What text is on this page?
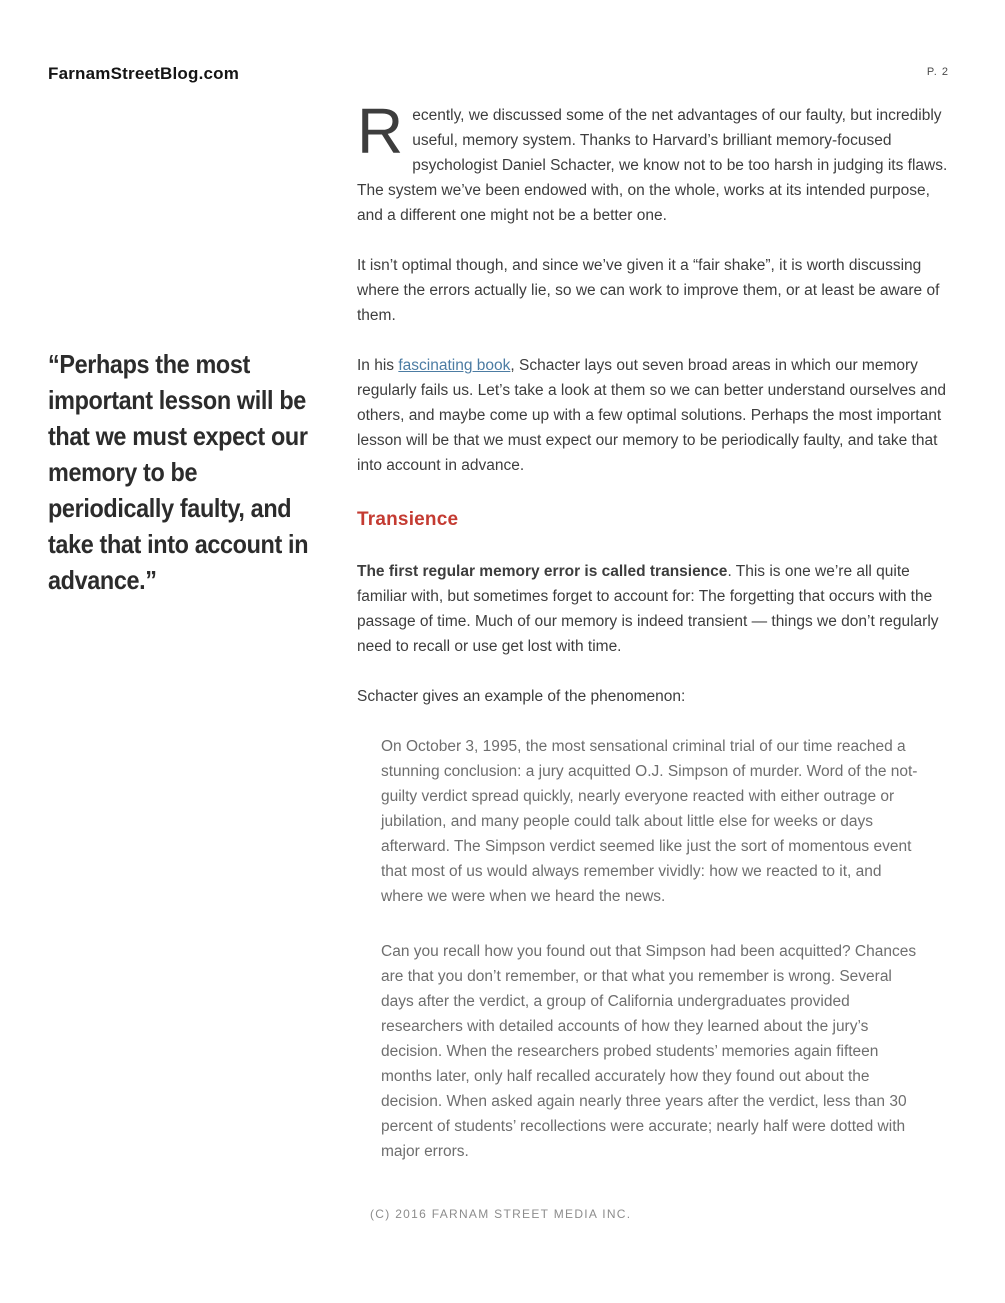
FarnamStreetBlog.com	P. 2
“Perhaps the most important lesson will be that we must expect our memory to be periodically faulty, and take that into account in advance.”

Recently, we discussed some of the net advantages of our faulty, but incredibly useful, memory system. Thanks to Harvard’s brilliant memory-focused psychologist Daniel Schacter, we know not to be too harsh in judging its flaws. The system we’ve been endowed with, on the whole, works at its intended purpose, and a different one might not be a better one.

It isn’t optimal though, and since we’ve given it a “fair shake”, it is worth discussing where the errors actually lie, so we can work to improve them, or at least be aware of them.

In his fascinating book, Schacter lays out seven broad areas in which our memory regularly fails us. Let’s take a look at them so we can better understand ourselves and others, and maybe come up with a few optimal solutions. Perhaps the most important lesson will be that we must expect our memory to be periodically faulty, and take that into account in advance.

Transience

The first regular memory error is called transience. This is one we’re all quite familiar with, but sometimes forget to account for: The forgetting that occurs with the passage of time. Much of our memory is indeed transient — things we don’t regularly need to recall or use get lost with time.

Schacter gives an example of the phenomenon:

On October 3, 1995, the most sensational criminal trial of our time reached a stunning conclusion: a jury acquitted O.J. Simpson of murder. Word of the not-guilty verdict spread quickly, nearly everyone reacted with either outrage or jubilation, and many people could talk about little else for weeks or days afterward. The Simpson verdict seemed like just the sort of momentous event that most of us would always remember vividly: how we reacted to it, and where we were when we heard the news.
Can you recall how you found out that Simpson had been acquitted? Chances are that you don’t remember, or that what you remember is wrong. Several days after the verdict, a group of California undergraduates provided researchers with detailed accounts of how they learned about the jury’s decision. When the researchers probed students’ memories again fifteen months later, only half recalled accurately how they found out about the decision. When asked again nearly three years after the verdict, less than 30 percent of students’ recollections were accurate; nearly half were dotted with major errors.
(C) 2016 FARNAM STREET MEDIA INC.
